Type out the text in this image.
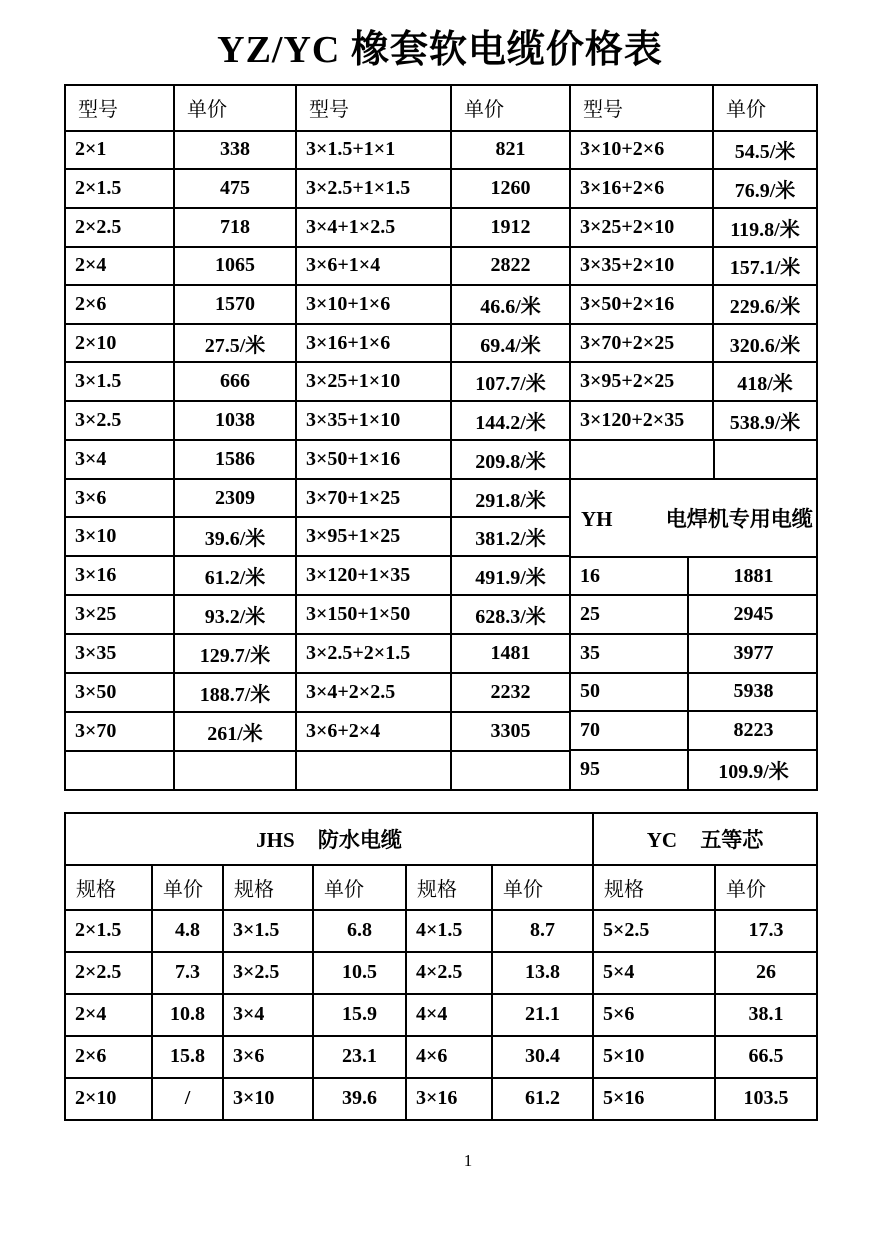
YZ/YC 橡套软电缆价格表
型号	单价	型号	单价	型号	单价
2×1	338	3×1.5+1×1	821	3×10+2×6	54.5/米
2×1.5	475	3×2.5+1×1.5	1260	3×16+2×6	76.9/米
2×2.5	718	3×4+1×2.5	1912	3×25+2×10	119.8/米
2×4	1065	3×6+1×4	2822	3×35+2×10	157.1/米
2×6	1570	3×10+1×6	46.6/米	3×50+2×16	229.6/米
2×10	27.5/米	3×16+1×6	69.4/米	3×70+2×25	320.6/米
3×1.5	666	3×25+1×10	107.7/米	3×95+2×25	418/米
3×2.5	1038	3×35+1×10	144.2/米	3×120+2×35	538.9/米
3×4	1586	3×50+1×16	209.8/米	

YH	电焊机专用电缆
16	1881
25	2945
35	3977
50	5938
70	8223
95	109.9/米

3×6	2309	3×70+1×25	291.8/米
3×10	39.6/米	3×95+1×25	381.2/米
3×16	61.2/米	3×120+1×35	491.9/米
3×25	93.2/米	3×150+1×50	628.3/米
3×35	129.7/米	3×2.5+2×1.5	1481
3×50	188.7/米	3×4+2×2.5	2232
3×70	261/米	3×6+2×4	3305

JHS 防水电缆						YC 五等芯	
规格	单价	规格	单价	规格	单价	规格	单价
2×1.5	4.8	3×1.5	6.8	4×1.5	8.7	5×2.5	17.3
2×2.5	7.3	3×2.5	10.5	4×2.5	13.8	5×4	26
2×4	10.8	3×4	15.9	4×4	21.1	5×6	38.1
2×6	15.8	3×6	23.1	4×6	30.4	5×10	66.5
2×10	/	3×10	39.6	3×16	61.2	5×16	103.5
1
